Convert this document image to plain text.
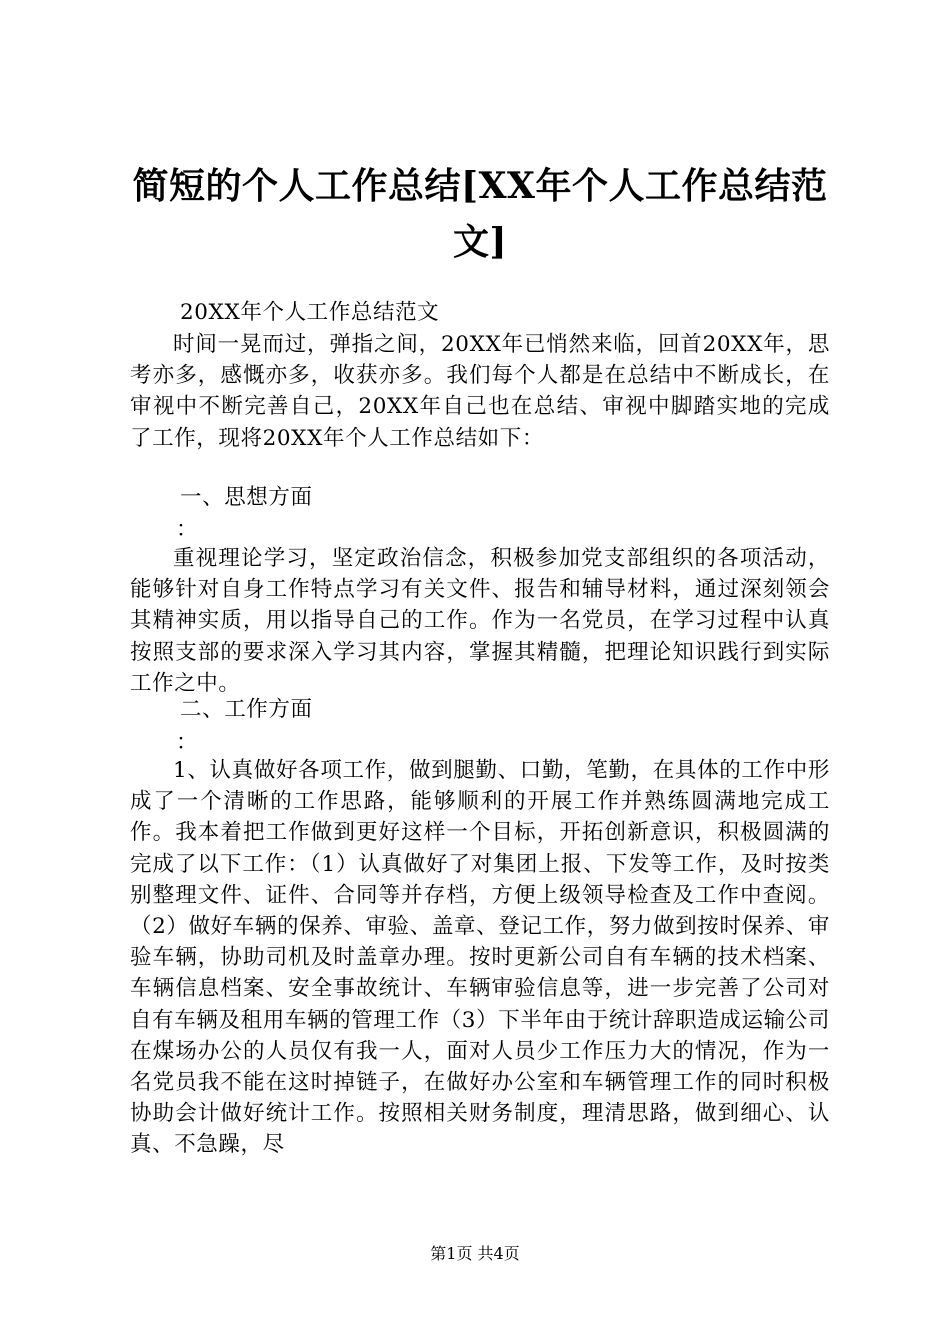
简短的个人工作总结[XX年个人工作总结范文]
20XX年个人工作总结范文
时间一晃而过，弹指之间，20XX年已悄然来临，回首20XX年，思考亦多，感慨亦多，收获亦多。我们每个人都是在总结中不断成长，在审视中不断完善自己，20XX年自己也在总结、审视中脚踏实地的完成了工作，现将20XX年个人工作总结如下：
一、思想方面
：
重视理论学习，坚定政治信念，积极参加党支部组织的各项活动，能够针对自身工作特点学习有关文件、报告和辅导材料，通过深刻领会其精神实质，用以指导自己的工作。作为一名党员，在学习过程中认真按照支部的要求深入学习其内容，掌握其精髓，把理论知识践行到实际工作之中。
二、工作方面
：
1、认真做好各项工作，做到腿勤、口勤，笔勤，在具体的工作中形成了一个清晰的工作思路，能够顺利的开展工作并熟练圆满地完成工作。我本着把工作做到更好这样一个目标，开拓创新意识，积极圆满的完成了以下工作：（1）认真做好了对集团上报、下发等工作，及时按类别整理文件、证件、合同等并存档，方便上级领导检查及工作中查阅。（2）做好车辆的保养、审验、盖章、登记工作，努力做到按时保养、审验车辆，协助司机及时盖章办理。按时更新公司自有车辆的技术档案、车辆信息档案、安全事故统计、车辆审验信息等，进一步完善了公司对自有车辆及租用车辆的管理工作（3）下半年由于统计辞职造成运输公司在煤场办公的人员仅有我一人，面对人员少工作压力大的情况，作为一名党员我不能在这时掉链子，在做好办公室和车辆管理工作的同时积极协助会计做好统计工作。按照相关财务制度，理清思路，做到细心、认真、不急躁，尽
第1页 共4页
